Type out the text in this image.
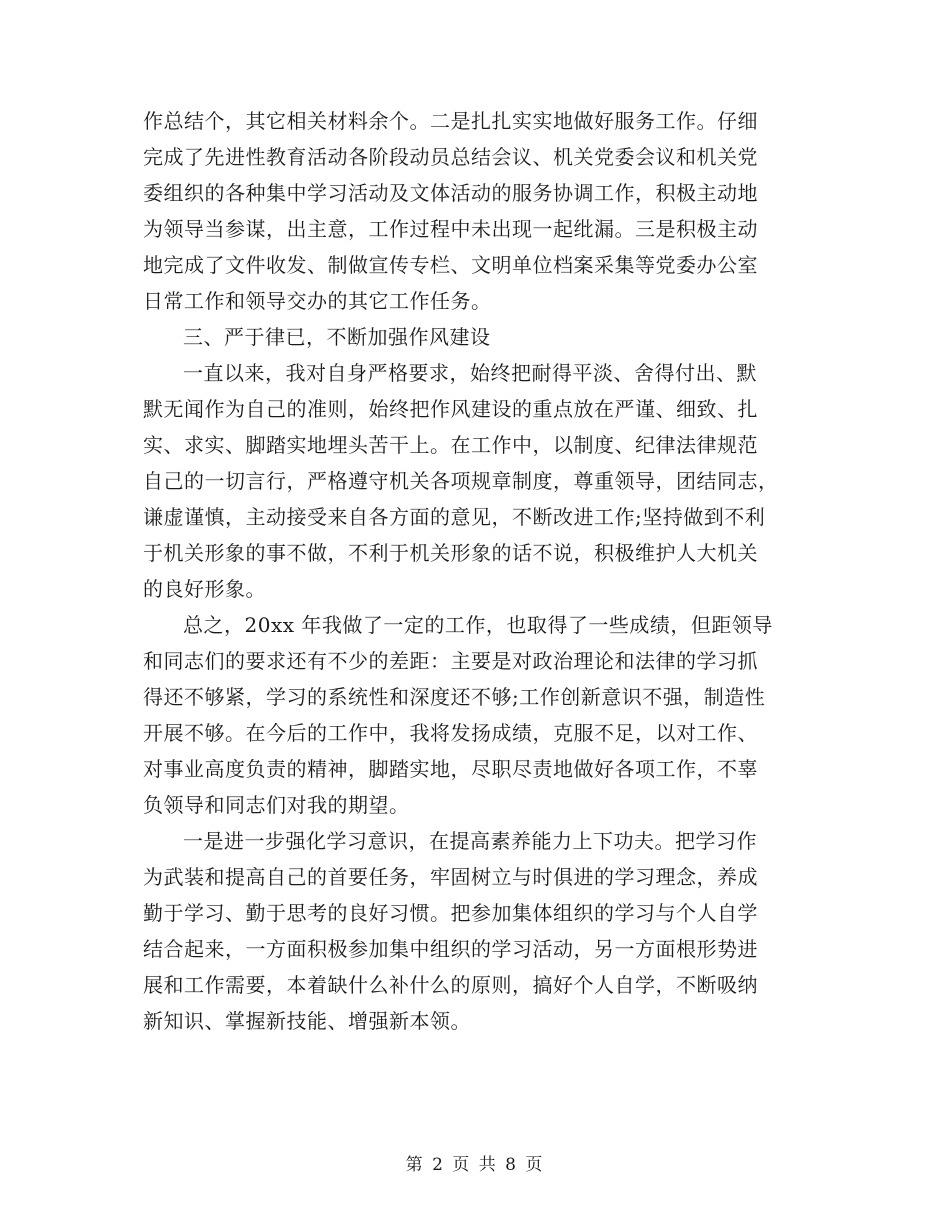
作总结个，其它相关材料余个。二是扎扎实实地做好服务工作。仔细
完成了先进性教育活动各阶段动员总结会议、机关党委会议和机关党
委组织的各种集中学习活动及文体活动的服务协调工作，积极主动地
为领导当参谋，出主意，工作过程中未出现一起纰漏。三是积极主动
地完成了文件收发、制做宣传专栏、文明单位档案采集等党委办公室
日常工作和领导交办的其它工作任务。
三、严于律已，不断加强作风建设
一直以来，我对自身严格要求，始终把耐得平淡、舍得付出、默
默无闻作为自己的准则，始终把作风建设的重点放在严谨、细致、扎
实、求实、脚踏实地埋头苦干上。在工作中，以制度、纪律法律规范
自己的一切言行，严格遵守机关各项规章制度，尊重领导，团结同志，
谦虚谨慎，主动接受来自各方面的意见，不断改进工作;坚持做到不利
于机关形象的事不做，不利于机关形象的话不说，积极维护人大机关
的良好形象。
总之，20xx 年我做了一定的工作，也取得了一些成绩，但距领导
和同志们的要求还有不少的差距：主要是对政治理论和法律的学习抓
得还不够紧，学习的系统性和深度还不够;工作创新意识不强，制造性
开展不够。在今后的工作中，我将发扬成绩，克服不足，以对工作、
对事业高度负责的精神，脚踏实地，尽职尽责地做好各项工作，不辜
负领导和同志们对我的期望。
一是进一步强化学习意识，在提高素养能力上下功夫。把学习作
为武装和提高自己的首要任务，牢固树立与时俱进的学习理念，养成
勤于学习、勤于思考的良好习惯。把参加集体组织的学习与个人自学
结合起来，一方面积极参加集中组织的学习活动，另一方面根形势进
展和工作需要，本着缺什么补什么的原则，搞好个人自学，不断吸纳
新知识、掌握新技能、增强新本领。
第 2 页 共 8 页
